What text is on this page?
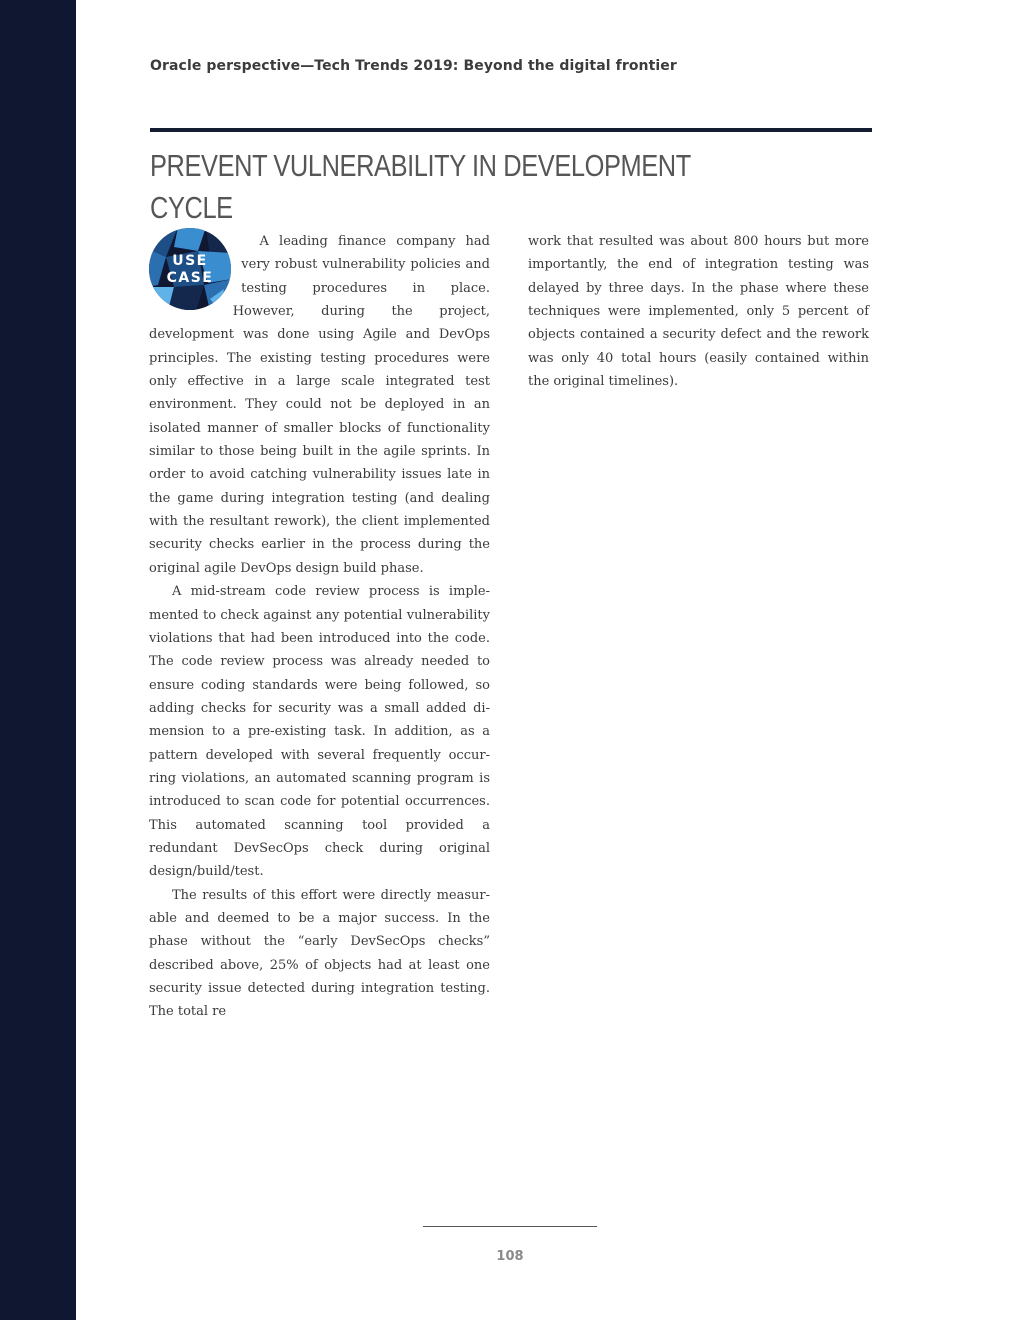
Oracle perspective—Tech Trends 2019: Beyond the digital frontier
PREVENT VULNERABILITY IN DEVELOPMENT CYCLE
USE
CASE

A leading finance company had very robust vulnerability policies and testing procedures in place. However, during the project, development was done using Agile and DevOps principles. The existing testing procedures were only effective in a large scale integrated test environment. They could not be deployed in an isolated manner of smaller blocks of functionality similar to those being built in the agile sprints. In order to avoid catching vulnerability issues late in the game during integration testing (and dealing with the resultant rework), the client implemented security checks earlier in the process during the original agile DevOps design build phase.

A mid-stream code review process is implemented to check against any potential vulnerability violations that had been introduced into the code. The code review process was already needed to ensure coding standards were being followed, so adding checks for security was a small added dimension to a pre-existing task. In addition, as a pattern developed with several frequently occurring violations, an automated scanning program is introduced to scan code for potential occurrences. This automated scanning tool provided a redundant DevSecOps check during original design/build/test.

The results of this effort were directly measurable and deemed to be a major success. In the phase without the “early DevSecOps checks” described above, 25% of objects had at least one security issue detected during integration testing. The total re

work that resulted was about 800 hours but more importantly, the end of integration testing was delayed by three days. In the phase where these techniques were implemented, only 5 percent of objects contained a security defect and the rework was only 40 total hours (easily contained within the original timelines).

108
